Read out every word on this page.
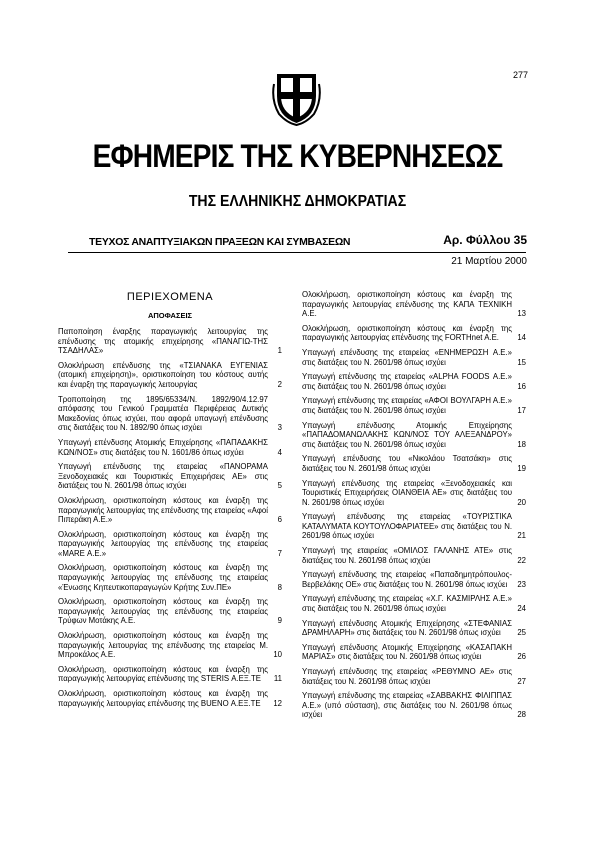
277
ΕΦΗΜΕΡΙΣ ΤΗΣ ΚΥΒΕΡΝΗΣΕΩΣ
ΤΗΣ ΕΛΛΗΝΙΚΗΣ ΔΗΜΟΚΡΑΤΙΑΣ
ΤΕΥΧΟΣ ΑΝΑΠΤΥΞΙΑΚΩΝ ΠΡΑΞΕΩΝ ΚΑΙ ΣΥΜΒΑΣΕΩΝ	Αρ. Φύλλου 35
21 Μαρτίου 2000
ΠΕΡΙΕΧΟΜΕΝΑ
ΑΠΟΦΑΣΕΙΣ
Παποποίηση έναρξης παραγωγικής λειτουργίας της επένδυσης της ατομικής επιχείρησης «ΠΑΝΑΓΙΩ-ΤΗΣ ΤΣΑΔΗΛΑΣ»	1
Ολοκλήρωση επένδυσης της «ΤΣΙΑΝΑΚΑ ΕΥΓΕΝΙΑΣ (ατομική επιχείρηση)», οριστικοποίηση του κόστους αυτής και έναρξη της παραγωγικής λειτουργίας	2
Τροποποίηση της 1895/65334/Ν. 1892/90/4.12.97 απόφασης του Γενικού Γραμματέα Περιφέρειας Δυτικής Μακεδονίας όπως ισχύει, που αφορά υπαγωγή επένδυσης στις διατάξεις του Ν. 1892/90 όπως ισχύει	3
Υπαγωγή επένδυσης Ατομικής Επιχείρησης «ΠΑΠΑΔΑΚΗΣ ΚΩΝ/ΝΟΣ» στις διατάξεις του Ν. 1601/86 όπως ισχύει	4
Υπαγωγή επένδυσης της εταιρείας «ΠΑΝΟΡΑΜΑ Ξενοδοχειακές και Τουριστικές Επιχειρήσεις ΑΕ» στις διατάξεις του Ν. 2601/98 όπως ισχύει	5
Ολοκλήρωση, οριστικοποίηση κόστους και έναρξη της παραγωγικής λειτουργίας της επένδυσης της εταιρείας «Αφοί Πιπεράκη Α.Ε.»	6
Ολοκλήρωση, οριστικοποίηση κόστους και έναρξη της παραγωγικής λειτουργίας της επένδυσης της εταιρείας «MARE Α.Ε.»	7
Ολοκλήρωση, οριστικοποίηση κόστους και έναρξη της παραγωγικής λειτουργίας της επένδυσης της εταιρείας «Ένωσης Κηπευτικοπαραγωγών Κρήτης Συν.ΠΕ»	8
Ολοκλήρωση, οριστικοποίηση κόστους και έναρξη της παραγωγικής λειτουργίας της επένδυσης της εταιρείας Τρύφων Μοτάκης Α.Ε.	9
Ολοκλήρωση, οριστικοποίηση κόστους και έναρξη της παραγωγικής λειτουργίας της επένδυσης της εταιρείας Μ. Μπροκάλος Α.Ε.	10
Ολοκλήρωση, οριστικοποίηση κόστους και έναρξη της παραγωγικής λειτουργίας επένδυσης της STERIS Α.ΕΞ.ΤΕ	11
Ολοκλήρωση, οριστικοποίηση κόστους και έναρξη της παραγωγικής λειτουργίας επένδυσης της BUENO Α.ΕΞ.ΤΕ	12
Ολοκλήρωση, οριστικοποίηση κόστους και έναρξη της παραγωγικής λειτουργίας επένδυσης της ΚΑΠΑ ΤΕΧΝΙΚΗ Α.Ε.	13
Ολοκλήρωση, οριστικοποίηση κόστους και έναρξη της παραγωγικής λειτουργίας επένδυσης της FORTHnet A.E.	14
Υπαγωγή επένδυσης της εταιρείας «ΕΝΗΜΕΡΩΣΗ Α.Ε.» στις διατάξεις του Ν. 2601/98 όπως ισχύει	15
Υπαγωγή επένδυσης της εταιρείας «ALPHA FOODS Α.Ε.» στις διατάξεις του Ν. 2601/98 όπως ισχύει	16
Υπαγωγή επένδυσης της εταιρείας «ΑΦΟΙ ΒΟΥΛΓΑΡΗ Α.Ε.» στις διατάξεις του Ν. 2601/98 όπως ισχύει	17
Υπαγωγή επένδυσης Ατομικής Επιχείρησης «ΠΑΠΑΔΟΜΑΝΩΛΑΚΗΣ ΚΩΝ/ΝΟΣ ΤΟΥ ΑΛΕΞΑΝΔΡΟΥ» στις διατάξεις του Ν. 2601/98 όπως ισχύει	18
Υπαγωγή επένδυσης του «Νικολάου Τσατσάκη» στις διατάξεις του Ν. 2601/98 όπως ισχύει	19
Υπαγωγή επένδυσης της εταιρείας «Ξενοδοχειακές και Τουριστικές Επιχειρήσεις ΟΙΑΝΘΕΙΑ ΑΕ» στις διατάξεις του Ν. 2601/98 όπως ισχύει	20
Υπαγωγή επένδυσης της εταιρείας «ΤΟΥΡΙΣΤΙΚΑ ΚΑΤΑΛΥΜΑΤΑ ΚΟΥΤΟΥΛΟΦΑΡΙΑΤΕΕ» στις διατάξεις του Ν. 2601/98 όπως ισχύει	21
Υπαγωγή της εταιρείας «ΟΜΙΛΟΣ ΓΑΛΑΝΗΣ ΑΤΕ» στις διατάξεις του Ν. 2601/98 όπως ισχύει	22
Υπαγωγή επένδυσης της εταιρείας «Παπαδημητρόπουλος-Βερβελάκης ΟΕ» στις διατάξεις του Ν. 2601/98 όπως ισχύει	23
Υπαγωγή επένδυσης της εταιρείας «Χ.Γ. ΚΑΣΜΙΡΛΗΣ Α.Ε.» στις διατάξεις του Ν. 2601/98 όπως ισχύει	24
Υπαγωγή επένδυσης Ατομικής Επιχείρησης «ΣΤΕΦΑΝΙΑΣ ΔΡΑΜΗΛΑΡΗ» στις διατάξεις του Ν. 2601/98 όπως ισχύει	25
Υπαγωγή επένδυσης Ατομικής Επιχείρησης «ΚΑΣΑΠΑΚΗ ΜΑΡΙΑΣ» στις διατάξεις του Ν. 2601/98 όπως ισχύει	26
Υπαγωγή επένδυσης της εταιρείας «ΡΕΘΥΜΝΟ ΑΕ» στις διατάξεις του Ν. 2601/98 όπως ισχύει	27
Υπαγωγή επένδυσης της εταιρείας «ΣΑΒΒΑΚΗΣ ΦΙΛΙΠΠΑΣ Α.Ε.» (υπό σύσταση), στις διατάξεις του Ν. 2601/98 όπως ισχύει	28
